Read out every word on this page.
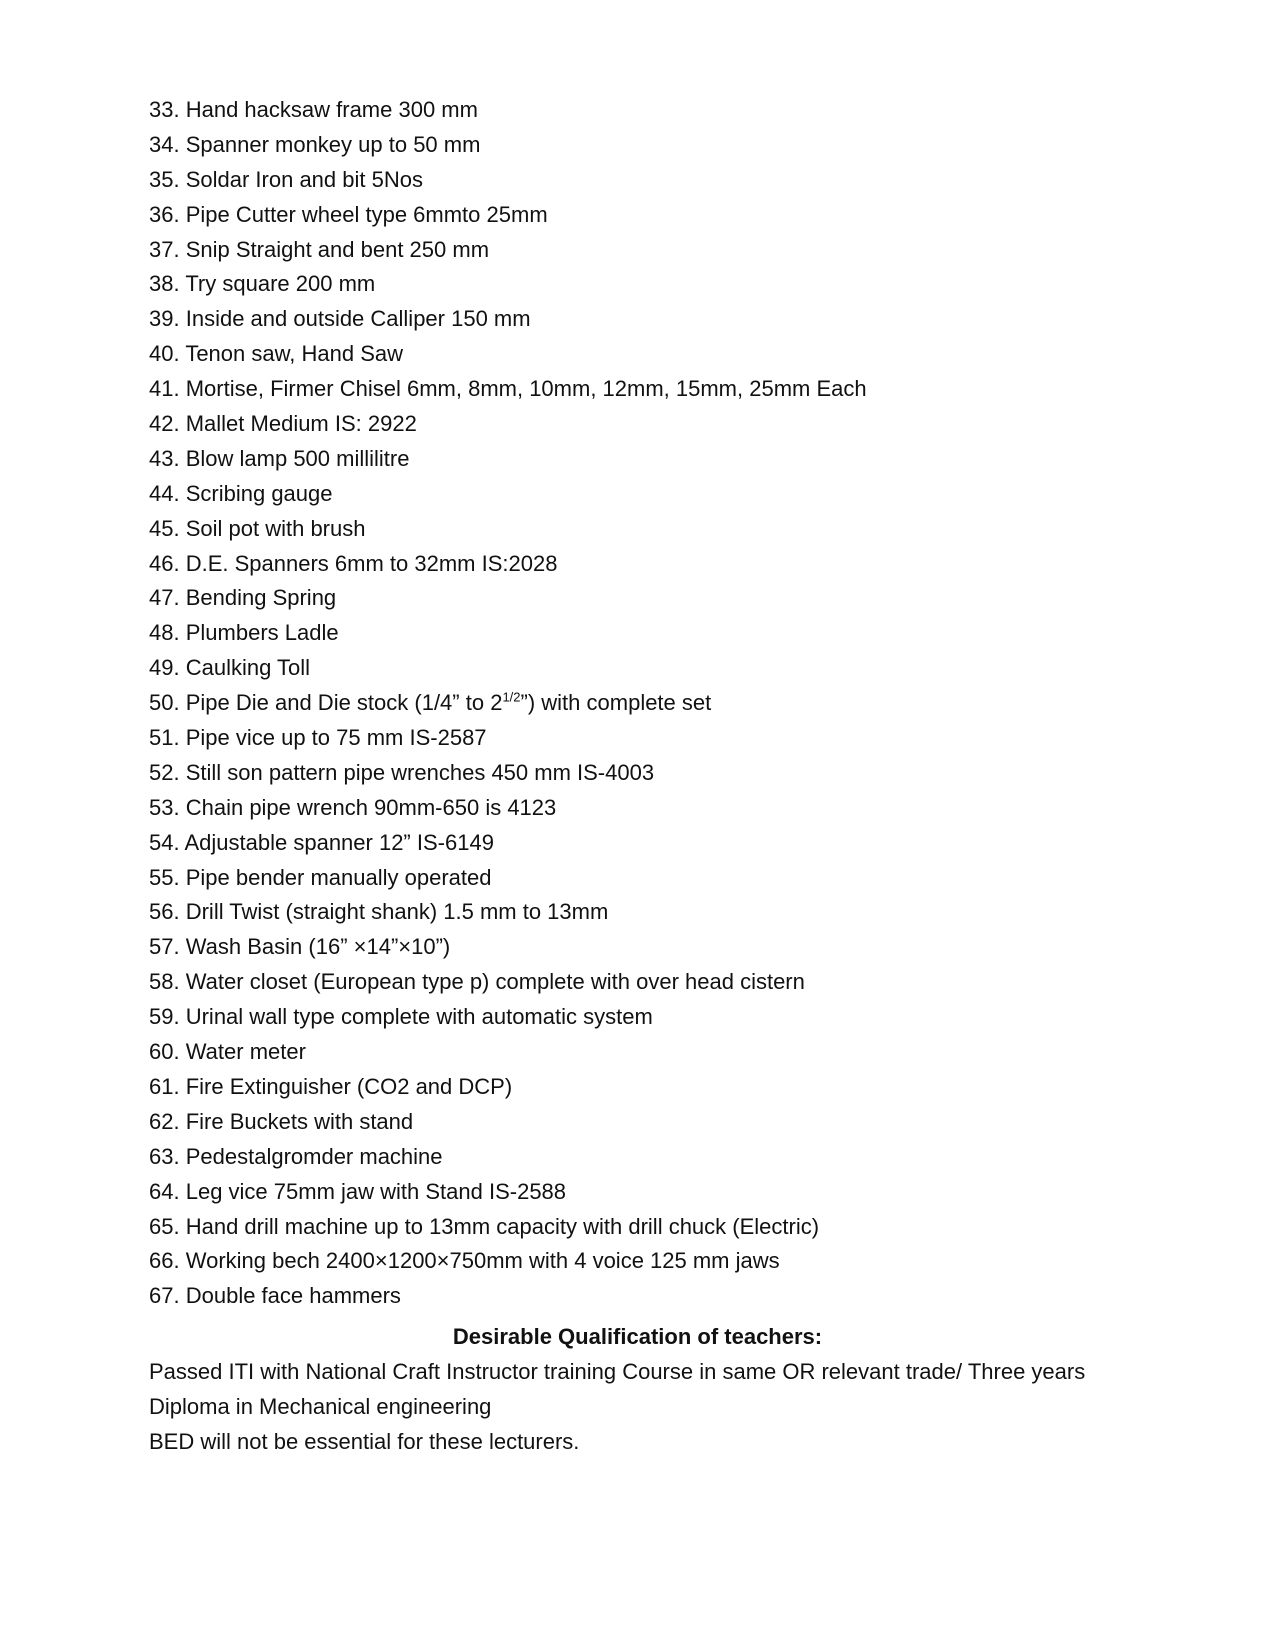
33. Hand hacksaw frame 300 mm
34. Spanner monkey up to 50 mm
35. Soldar Iron and bit 5Nos
36. Pipe Cutter wheel type 6mmto 25mm
37. Snip Straight and bent 250 mm
38. Try square 200 mm
39. Inside and outside Calliper 150 mm
40. Tenon saw, Hand Saw
41. Mortise, Firmer Chisel 6mm, 8mm, 10mm, 12mm, 15mm, 25mm Each
42. Mallet Medium IS: 2922
43. Blow lamp 500 millilitre
44. Scribing gauge
45. Soil pot with brush
46. D.E. Spanners 6mm to 32mm IS:2028
47. Bending Spring
48. Plumbers Ladle
49. Caulking Toll
50. Pipe Die and Die stock (1/4” to $2^{1/2}$”) with complete set
51. Pipe vice up to 75 mm IS-2587
52. Still son pattern pipe wrenches 450 mm IS-4003
53. Chain pipe wrench 90mm-650 is 4123
54. Adjustable spanner 12” IS-6149
55. Pipe bender manually operated
56. Drill Twist (straight shank) 1.5 mm to 13mm
57. Wash Basin (16” ×14”×10”)
58. Water closet (European type p) complete with over head cistern
59. Urinal wall type complete with automatic system
60. Water meter
61. Fire Extinguisher (CO2 and DCP)
62. Fire Buckets with stand
63. Pedestalgromder machine
64. Leg vice 75mm jaw with Stand IS-2588
65. Hand drill machine up to 13mm capacity with drill chuck (Electric)
66. Working bech 2400×1200×750mm with 4 voice 125 mm jaws
67. Double face hammers
Desirable Qualification of teachers:
Passed ITI with National Craft Instructor training Course in same OR relevant trade/ Three years
Diploma in Mechanical engineering
BED will not be essential for these lecturers.
